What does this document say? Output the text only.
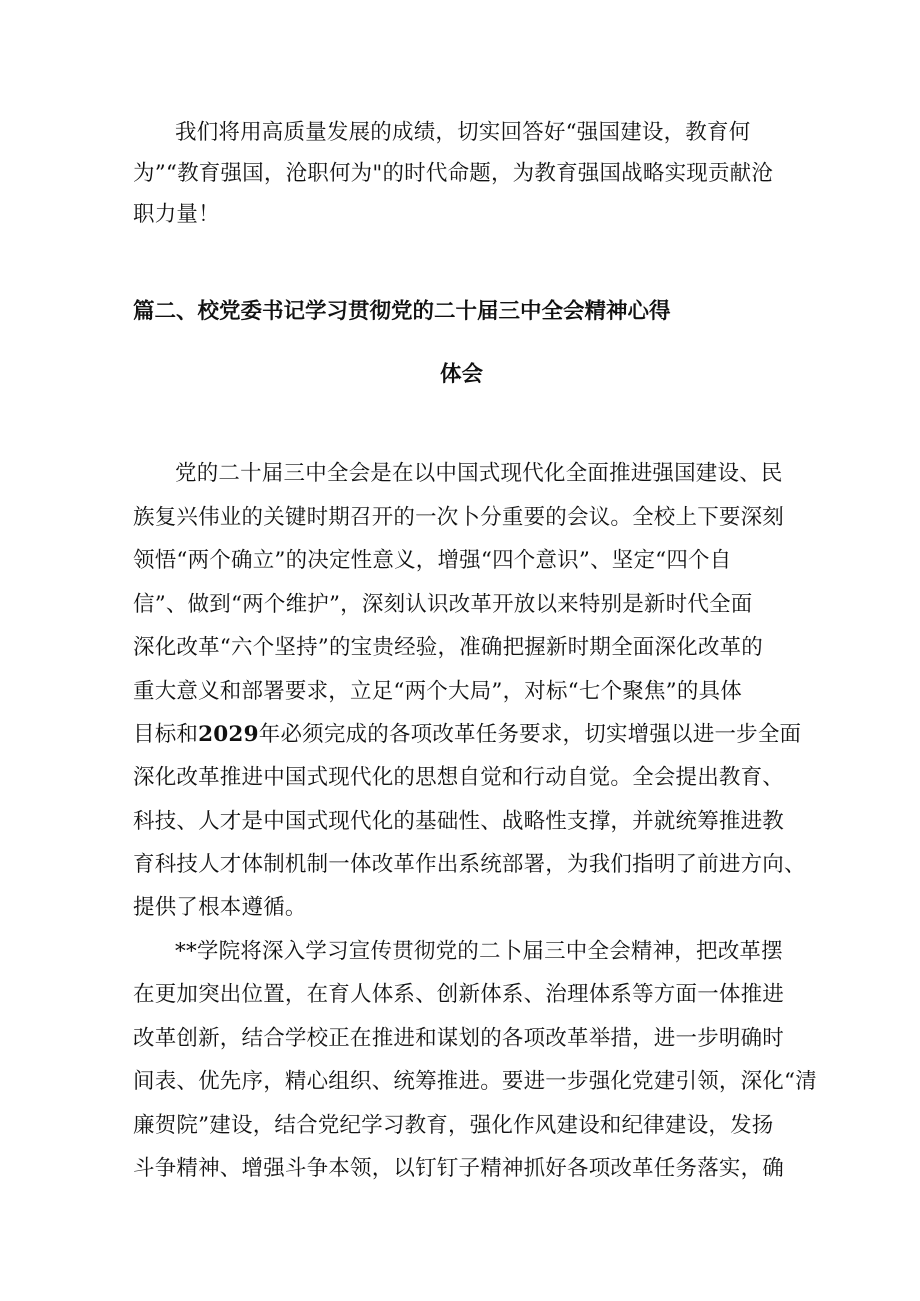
我们将用高质量发展的成绩，切实回答好“强国建设，教育何
为”“教育强国，沧职何为"的时代命题，为教育强国战略实现贡献沧
职力量！
篇二、校党委书记学习贯彻党的二十届三中全会精神心得
体会
党的二十届三中全会是在以中国式现代化全面推进强国建设、民
族复兴伟业的关键时期召开的一次卜分重要的会议。全校上下要深刻
领悟“两个确立”的决定性意义，增强“四个意识”、坚定“四个自
信”、做到“两个维护”，深刻认识改革开放以来特别是新时代全面
深化改革“六个坚持”的宝贵经验，准确把握新时期全面深化改革的
重大意义和部署要求，立足“两个大局”，对标“七个聚焦”的具体
目标和2029年必须完成的各项改革任务要求，切实增强以进一步全面
深化改革推进中国式现代化的思想自觉和行动自觉。全会提出教育、
科技、人才是中国式现代化的基础性、战略性支撑，并就统筹推进教
育科技人才体制机制一体改革作出系统部署，为我们指明了前进方向、
提供了根本遵循。
**学院将深入学习宣传贯彻党的二卜届三中全会精神，把改革摆
在更加突出位置，在育人体系、创新体系、治理体系等方面一体推进
改革创新，结合学校正在推进和谋划的各项改革举措，进一步明确时
间表、优先序，精心组织、统筹推进。要进一步强化党建引领，深化“清
廉贺院”建设，结合党纪学习教育，强化作风建设和纪律建设，发扬
斗争精神、增强斗争本领，以钉钉子精神抓好各项改革任务落实，确
